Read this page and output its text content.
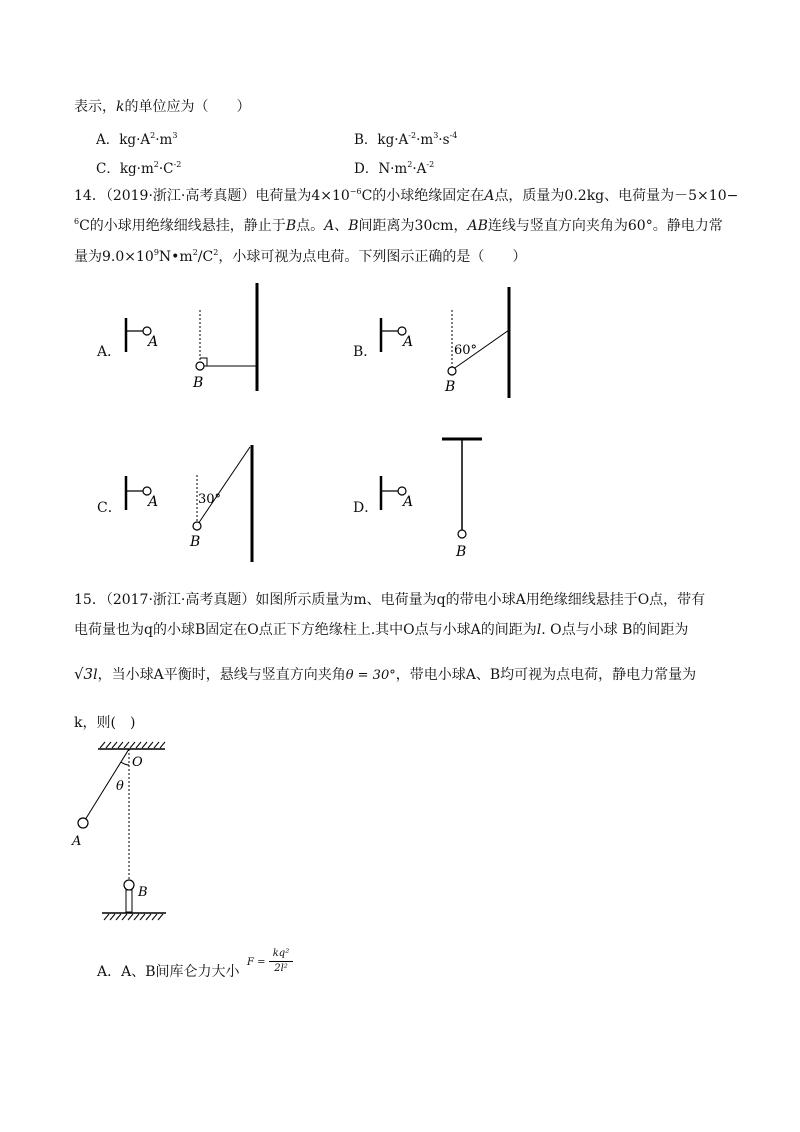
表示，k的单位应为（　　）
A．$kg\cdot A^2\cdot m^3$	B．$kg\cdot A^{-2}\cdot m^3\cdot s^{-4}$
C．$kg\cdot m^2\cdot C^{-2}$	D．$N\cdot m^2\cdot A^{-2}$
14．（2019·浙江·高考真题）电荷量为$4\times 10^{-6}C$的小球绝缘固定在A点，质量为0.2kg、电荷量为－5×10−
$^6$C的小球用绝缘细线悬挂，静止于B点。A、B间距离为30cm，AB连线与竖直方向夹角为60°。静电力常
量为$9.0\times 10^9N•m^2/C^2$，小球可视为点电荷。下列图示正确的是（　　）
A．	B．
C．	D．
A
B
A
60°
B
A	30°
B
A
B
15．（2017·浙江·高考真题）如图所示质量为m、电荷量为q的带电小球A用绝缘细线悬挂于O点，带有
电荷量也为q的小球B固定在O点正下方绝缘柱上.其中O点与小球A的间距为l. O点与小球 B的间距为
√3l，当小球A平衡时，悬线与竖直方向夹角θ = 30°，带电小球A、B均可视为点电荷，静电力常量为
k，则(　)
O
θ
A
B
A．A、B间库仑力大小
F =
kq²
2l²
